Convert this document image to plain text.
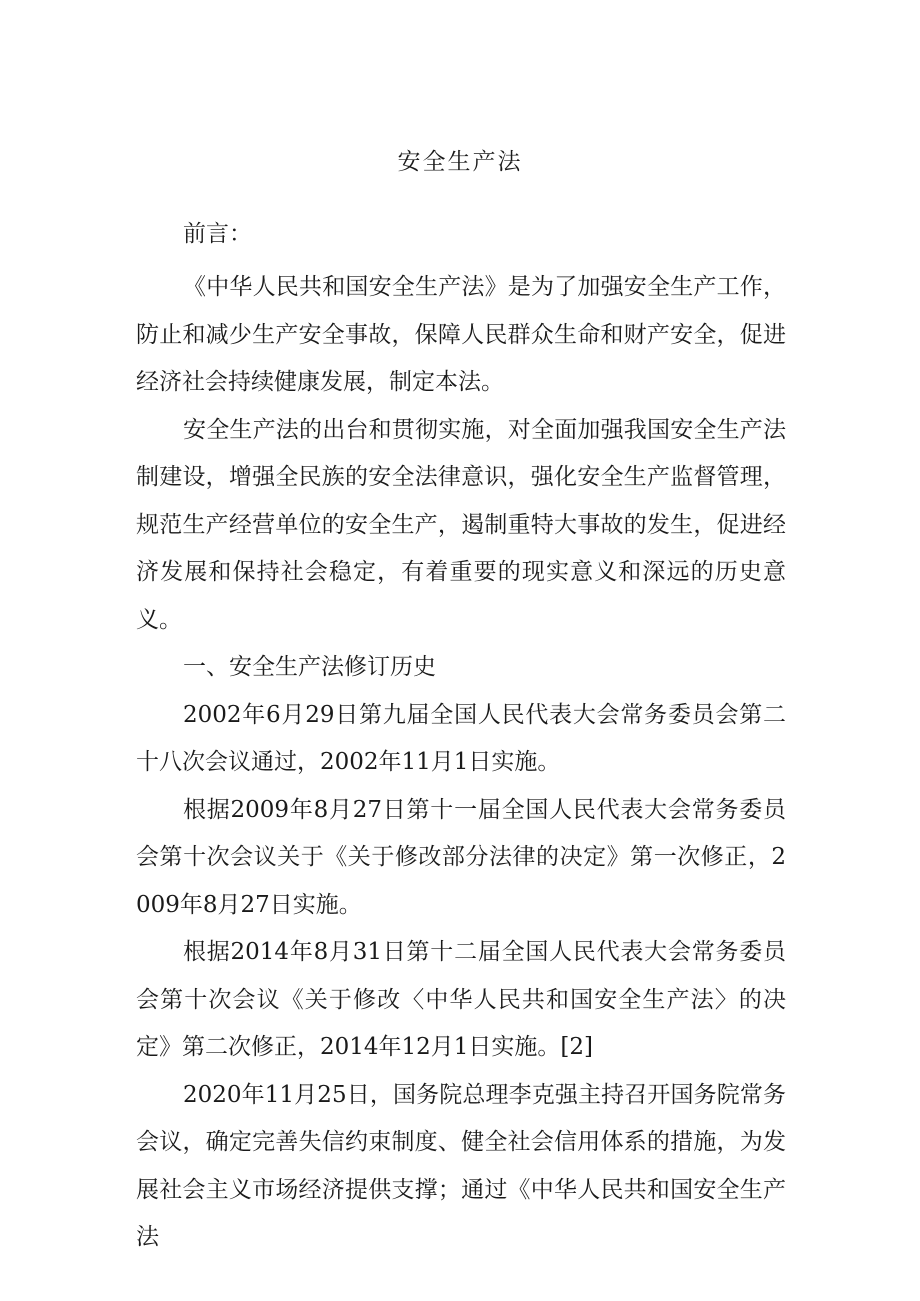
安全生产法
前言：

《中华人民共和国安全生产法》是为了加强安全生产工作，防止和减少生产安全事故，保障人民群众生命和财产安全，促进经济社会持续健康发展，制定本法。

安全生产法的出台和贯彻实施，对全面加强我国安全生产法制建设，增强全民族的安全法律意识，强化安全生产监督管理，规范生产经营单位的安全生产，遏制重特大事故的发生，促进经济发展和保持社会稳定，有着重要的现实意义和深远的历史意义。

一、安全生产法修订历史

2002年6月29日第九届全国人民代表大会常务委员会第二十八次会议通过，2002年11月1日实施。

根据2009年8月27日第十一届全国人民代表大会常务委员会第十次会议关于《关于修改部分法律的决定》第一次修正，2009年8月27日实施。

根据2014年8月31日第十二届全国人民代表大会常务委员会第十次会议《关于修改〈中华人民共和国安全生产法〉的决定》第二次修正，2014年12月1日实施。[2]

2020年11月25日，国务院总理李克强主持召开国务院常务会议，确定完善失信约束制度、健全社会信用体系的措施，为发展社会主义市场经济提供支撑；通过《中华人民共和国安全生产法
